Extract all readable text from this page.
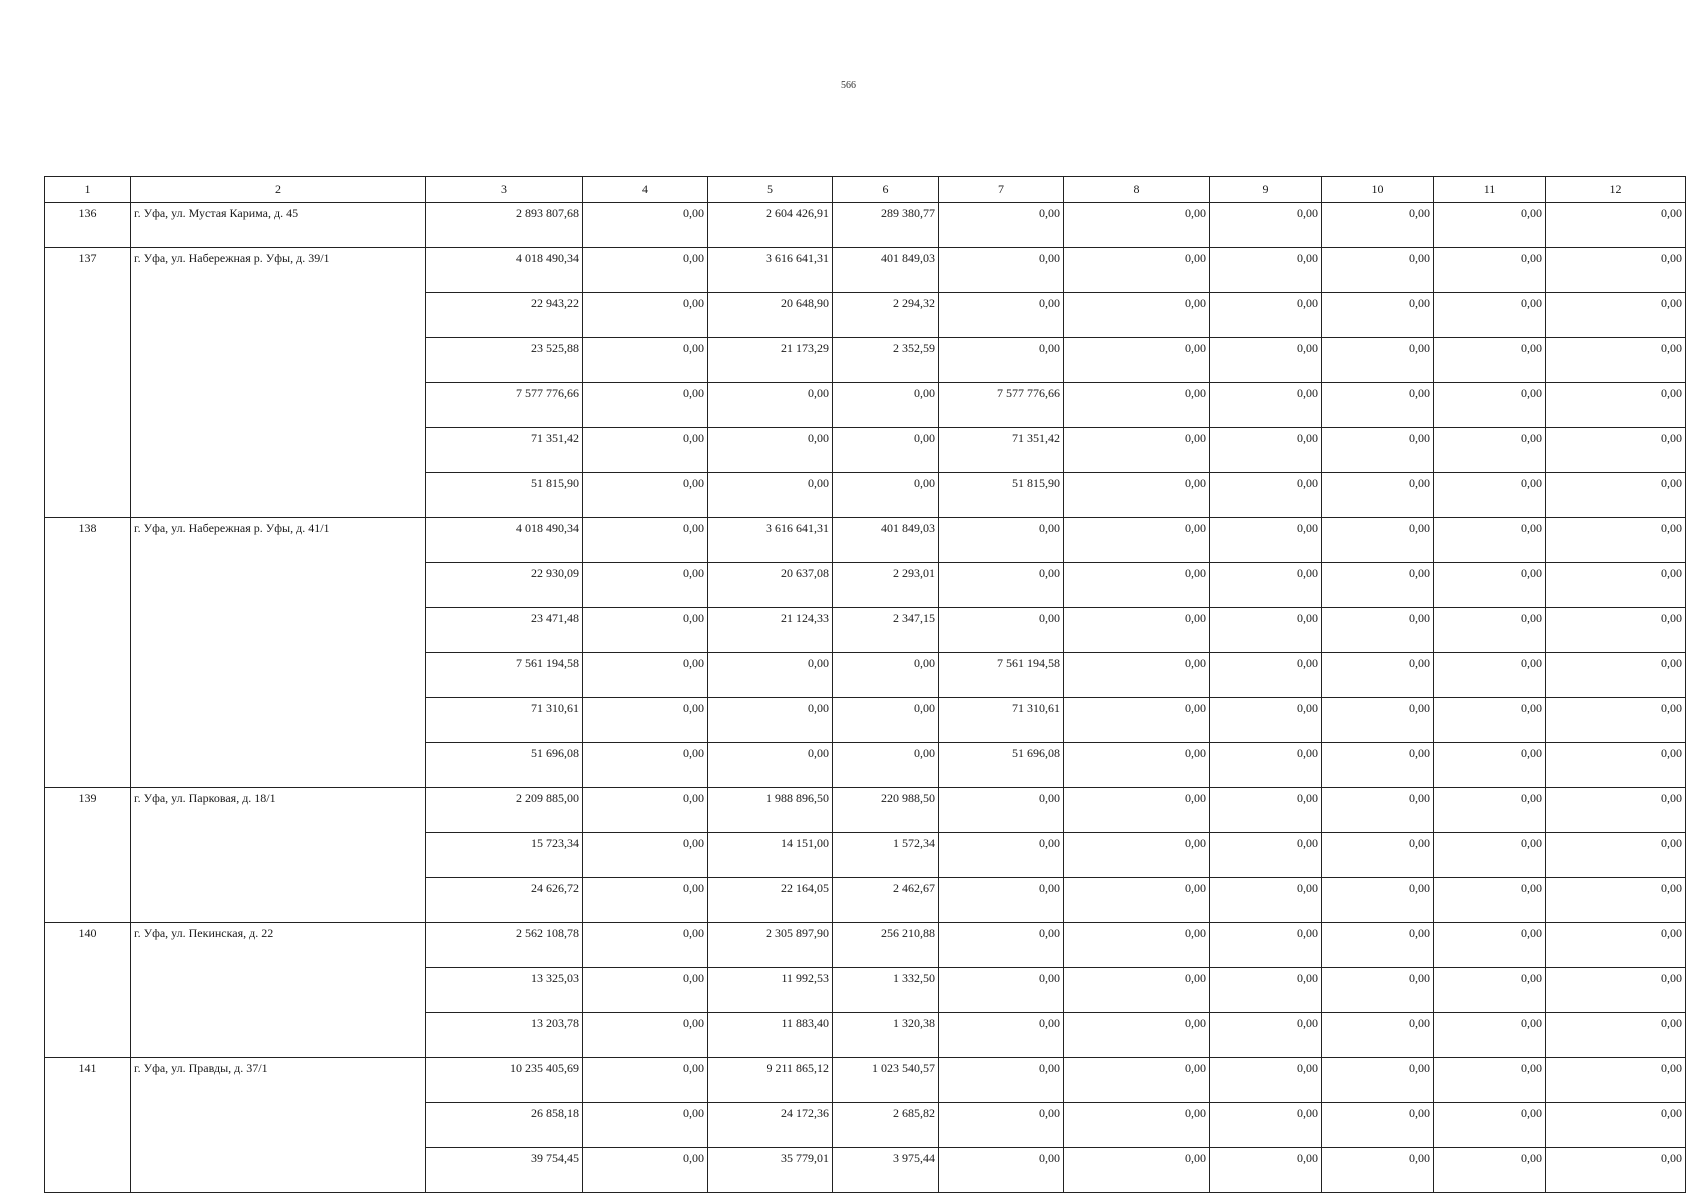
566
1	2	3	4	5	6	7	8	9	10	11	12
136	г. Уфа, ул. Мустая Карима, д. 45	2 893 807,68	0,00	2 604 426,91	289 380,77	0,00	0,00	0,00	0,00	0,00	0,00
137	г. Уфа, ул. Набережная р. Уфы, д. 39/1	4 018 490,34	0,00	3 616 641,31	401 849,03	0,00	0,00	0,00	0,00	0,00	0,00
		22 943,22	0,00	20 648,90	2 294,32	0,00	0,00	0,00	0,00	0,00	0,00
		23 525,88	0,00	21 173,29	2 352,59	0,00	0,00	0,00	0,00	0,00	0,00
		7 577 776,66	0,00	0,00	0,00	7 577 776,66	0,00	0,00	0,00	0,00	0,00
		71 351,42	0,00	0,00	0,00	71 351,42	0,00	0,00	0,00	0,00	0,00
		51 815,90	0,00	0,00	0,00	51 815,90	0,00	0,00	0,00	0,00	0,00
138	г. Уфа, ул. Набережная р. Уфы, д. 41/1	4 018 490,34	0,00	3 616 641,31	401 849,03	0,00	0,00	0,00	0,00	0,00	0,00
		22 930,09	0,00	20 637,08	2 293,01	0,00	0,00	0,00	0,00	0,00	0,00
		23 471,48	0,00	21 124,33	2 347,15	0,00	0,00	0,00	0,00	0,00	0,00
		7 561 194,58	0,00	0,00	0,00	7 561 194,58	0,00	0,00	0,00	0,00	0,00
		71 310,61	0,00	0,00	0,00	71 310,61	0,00	0,00	0,00	0,00	0,00
		51 696,08	0,00	0,00	0,00	51 696,08	0,00	0,00	0,00	0,00	0,00
139	г. Уфа, ул. Парковая, д. 18/1	2 209 885,00	0,00	1 988 896,50	220 988,50	0,00	0,00	0,00	0,00	0,00	0,00
		15 723,34	0,00	14 151,00	1 572,34	0,00	0,00	0,00	0,00	0,00	0,00
		24 626,72	0,00	22 164,05	2 462,67	0,00	0,00	0,00	0,00	0,00	0,00
140	г. Уфа, ул. Пекинская, д. 22	2 562 108,78	0,00	2 305 897,90	256 210,88	0,00	0,00	0,00	0,00	0,00	0,00
		13 325,03	0,00	11 992,53	1 332,50	0,00	0,00	0,00	0,00	0,00	0,00
		13 203,78	0,00	11 883,40	1 320,38	0,00	0,00	0,00	0,00	0,00	0,00
141	г. Уфа, ул. Правды, д. 37/1	10 235 405,69	0,00	9 211 865,12	1 023 540,57	0,00	0,00	0,00	0,00	0,00	0,00
		26 858,18	0,00	24 172,36	2 685,82	0,00	0,00	0,00	0,00	0,00	0,00
		39 754,45	0,00	35 779,01	3 975,44	0,00	0,00	0,00	0,00	0,00	0,00
